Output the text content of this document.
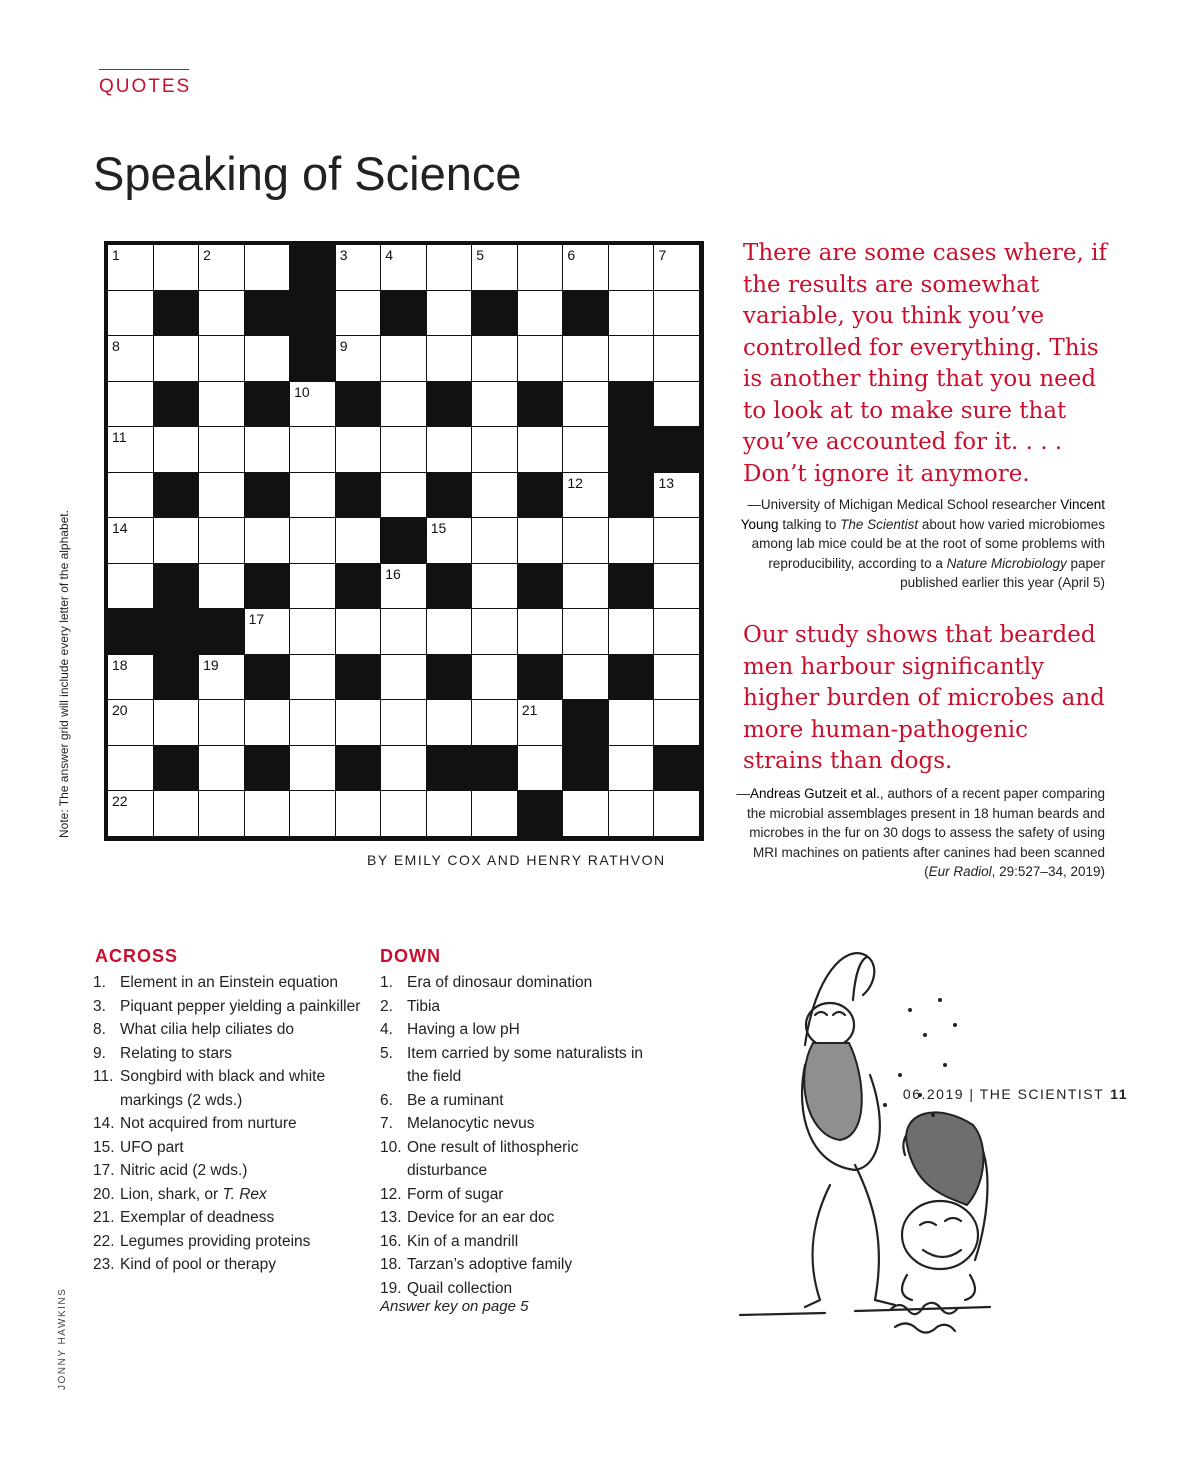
QUOTES
Speaking of Science
Note: The answer grid will include every letter of the alphabet.
JONNY HAWKINS
1	2	3	4	5	6	7
8	9
10
11
12	13
14	15
16
17
18	19
20	21
22	23
BY EMILY COX AND HENRY RATHVON

There are some cases where, if the results are somewhat variable, you think you’ve controlled for everything. This is another thing that you need to look at to make sure that you’ve accounted for it. . . . Don’t ignore it anymore.

—University of Michigan Medical School researcher Vincent Young talking to The Scientist about how varied microbiomes among lab mice could be at the root of some problems with reproducibility, according to a Nature Microbiology paper published earlier this year (April 5)

Our study shows that bearded men harbour significantly higher burden of microbes and more human-pathogenic strains than dogs.

—Andreas Gutzeit et al., authors of a recent paper comparing the microbial assemblages present in 18 human beards and microbes in the fur on 30 dogs to assess the safety of using MRI machines on patients after canines had been scanned (Eur Radiol, 29:527–34, 2019)

ACROSS	DOWN
1. Element in an Einstein equation
3. Piquant pepper yielding a painkiller
8. What cilia help ciliates do
9. Relating to stars
11. Songbird with black and white markings (2 wds.)
14. Not acquired from nurture
15. UFO part
17. Nitric acid (2 wds.)
20. Lion, shark, or T. Rex
21. Exemplar of deadness
22. Legumes providing proteins
23. Kind of pool or therapy
1. Era of dinosaur domination
2. Tibia
4. Having a low pH
5. Item carried by some naturalists in the field
6. Be a ruminant
7. Melanocytic nevus
10. One result of lithospheric disturbance
12. Form of sugar
13. Device for an ear doc
16. Kin of a mandrill
18. Tarzan’s adoptive family
19. Quail collection
Answer key on page 5
06.2019 | THE SCIENTIST 11
